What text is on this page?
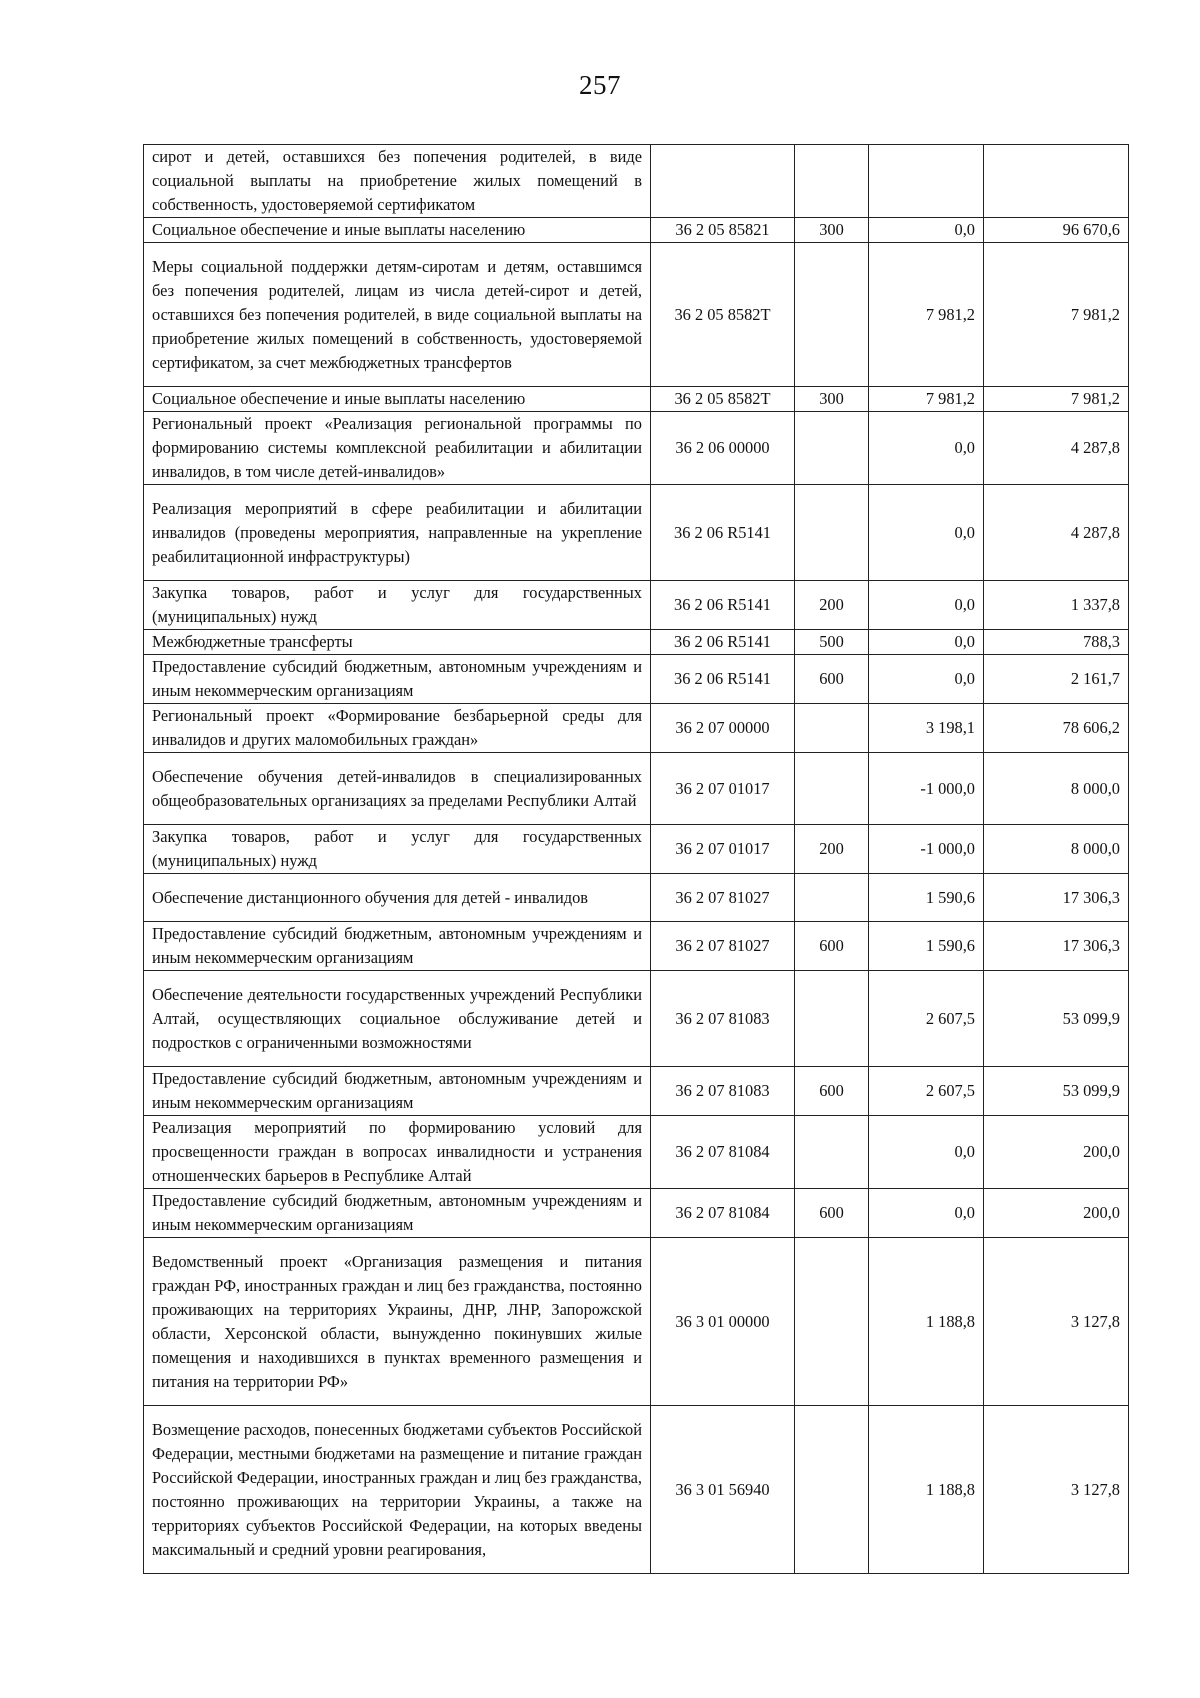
257
сирот и детей, оставшихся без попечения родителей, в виде социальной выплаты на приобретение жилых помещений в собственность, удостоверяемой сертификатом				
Социальное обеспечение и иные выплаты населению	36 2 05 85821	300	0,0	96 670,6
Меры социальной поддержки детям-сиротам и детям, оставшимся без попечения родителей, лицам из числа детей-сирот и детей, оставшихся без попечения родителей, в виде социальной выплаты на приобретение жилых помещений в собственность, удостоверяемой сертификатом, за счет межбюджетных трансфертов	36 2 05 8582Т		7 981,2	7 981,2
Социальное обеспечение и иные выплаты населению	36 2 05 8582Т	300	7 981,2	7 981,2
Региональный проект «Реализация региональной программы по формированию системы комплексной реабилитации и абилитации инвалидов, в том числе детей-инвалидов»	36 2 06 00000		0,0	4 287,8
Реализация мероприятий в сфере реабилитации и абилитации инвалидов (проведены мероприятия, направленные на укрепление реабилитационной инфраструктуры)	36 2 06 R5141		0,0	4 287,8
Закупка товаров, работ и услуг для государственных (муниципальных) нужд	36 2 06 R5141	200	0,0	1 337,8
Межбюджетные трансферты	36 2 06 R5141	500	0,0	788,3
Предоставление субсидий бюджетным, автономным учреждениям и иным некоммерческим организациям	36 2 06 R5141	600	0,0	2 161,7
Региональный проект «Формирование безбарьерной среды для инвалидов и других маломобильных граждан»	36 2 07 00000		3 198,1	78 606,2
Обеспечение обучения детей-инвалидов в специализированных общеобразовательных организациях за пределами Республики Алтай	36 2 07 01017		-1 000,0	8 000,0
Закупка товаров, работ и услуг для государственных (муниципальных) нужд	36 2 07 01017	200	-1 000,0	8 000,0
Обеспечение дистанционного обучения для детей - инвалидов	36 2 07 81027		1 590,6	17 306,3
Предоставление субсидий бюджетным, автономным учреждениям и иным некоммерческим организациям	36 2 07 81027	600	1 590,6	17 306,3
Обеспечение деятельности государственных учреждений Республики Алтай, осуществляющих социальное обслуживание детей и подростков с ограниченными возможностями	36 2 07 81083		2 607,5	53 099,9
Предоставление субсидий бюджетным, автономным учреждениям и иным некоммерческим организациям	36 2 07 81083	600	2 607,5	53 099,9
Реализация мероприятий по формированию условий для просвещенности граждан в вопросах инвалидности и устранения отношенческих барьеров в Республике Алтай	36 2 07 81084		0,0	200,0
Предоставление субсидий бюджетным, автономным учреждениям и иным некоммерческим организациям	36 2 07 81084	600	0,0	200,0
Ведомственный проект «Организация размещения и питания граждан РФ, иностранных граждан и лиц без гражданства, постоянно проживающих на территориях Украины, ДНР, ЛНР, Запорожской области, Херсонской области, вынужденно покинувших жилые помещения и находившихся в пунктах временного размещения и питания на территории РФ»	36 3 01 00000		1 188,8	3 127,8
Возмещение расходов, понесенных бюджетами субъектов Российской Федерации, местными бюджетами на размещение и питание граждан Российской Федерации, иностранных граждан и лиц без гражданства, постоянно проживающих на территории Украины, а также на территориях субъектов Российской Федерации, на которых введены максимальный и средний уровни реагирования,	36 3 01 56940		1 188,8	3 127,8
